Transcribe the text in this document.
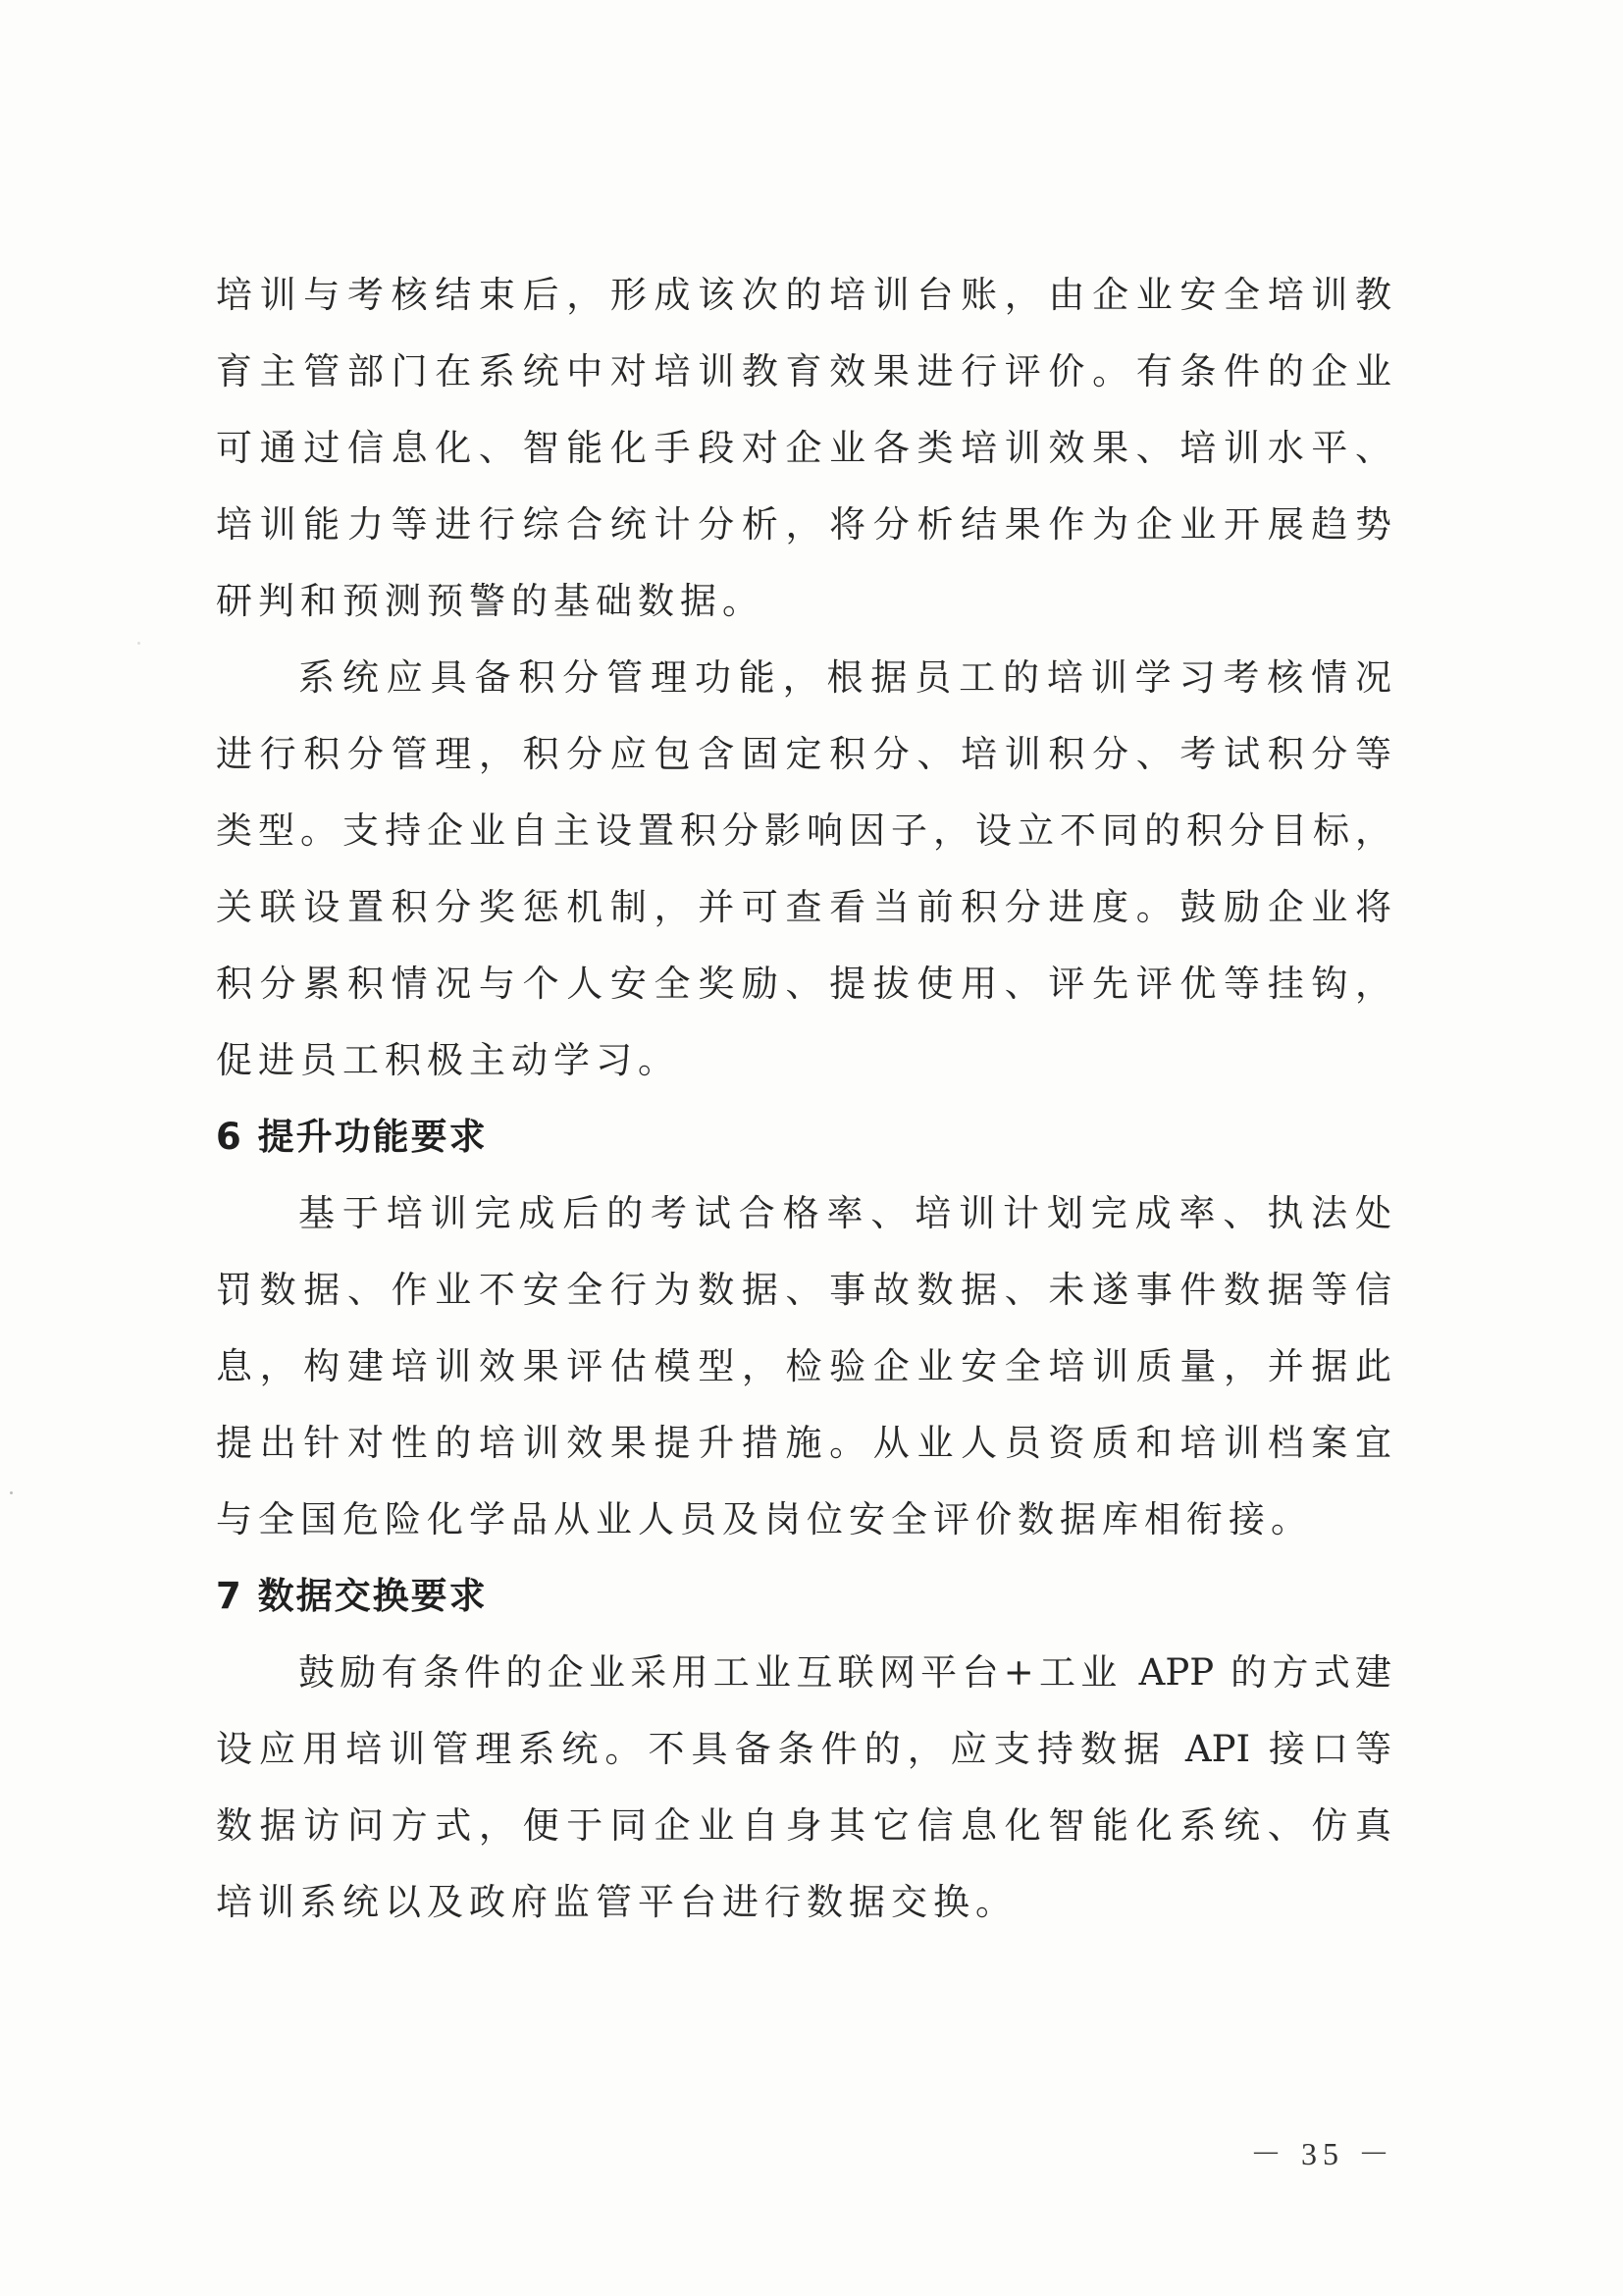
培训与考核结束后，形成该次的培训台账，由企业安全培训教
育主管部门在系统中对培训教育效果进行评价。有条件的企业
可通过信息化、智能化手段对企业各类培训效果、培训水平、
培训能力等进行综合统计分析，将分析结果作为企业开展趋势
研判和预测预警的基础数据。
系统应具备积分管理功能，根据员工的培训学习考核情况
进行积分管理，积分应包含固定积分、培训积分、考试积分等
类型。支持企业自主设置积分影响因子，设立不同的积分目标，
关联设置积分奖惩机制，并可查看当前积分进度。鼓励企业将
积分累积情况与个人安全奖励、提拔使用、评先评优等挂钩，
促进员工积极主动学习。
6 提升功能要求
基于培训完成后的考试合格率、培训计划完成率、执法处
罚数据、作业不安全行为数据、事故数据、未遂事件数据等信
息，构建培训效果评估模型，检验企业安全培训质量，并据此
提出针对性的培训效果提升措施。从业人员资质和培训档案宜
与全国危险化学品从业人员及岗位安全评价数据库相衔接。
7 数据交换要求
鼓励有条件的企业采用工业互联网平台+工业 APP 的方式建
设应用培训管理系统。不具备条件的，应支持数据 API 接口等
数据访问方式，便于同企业自身其它信息化智能化系统、仿真
培训系统以及政府监管平台进行数据交换。
－ 35 －
